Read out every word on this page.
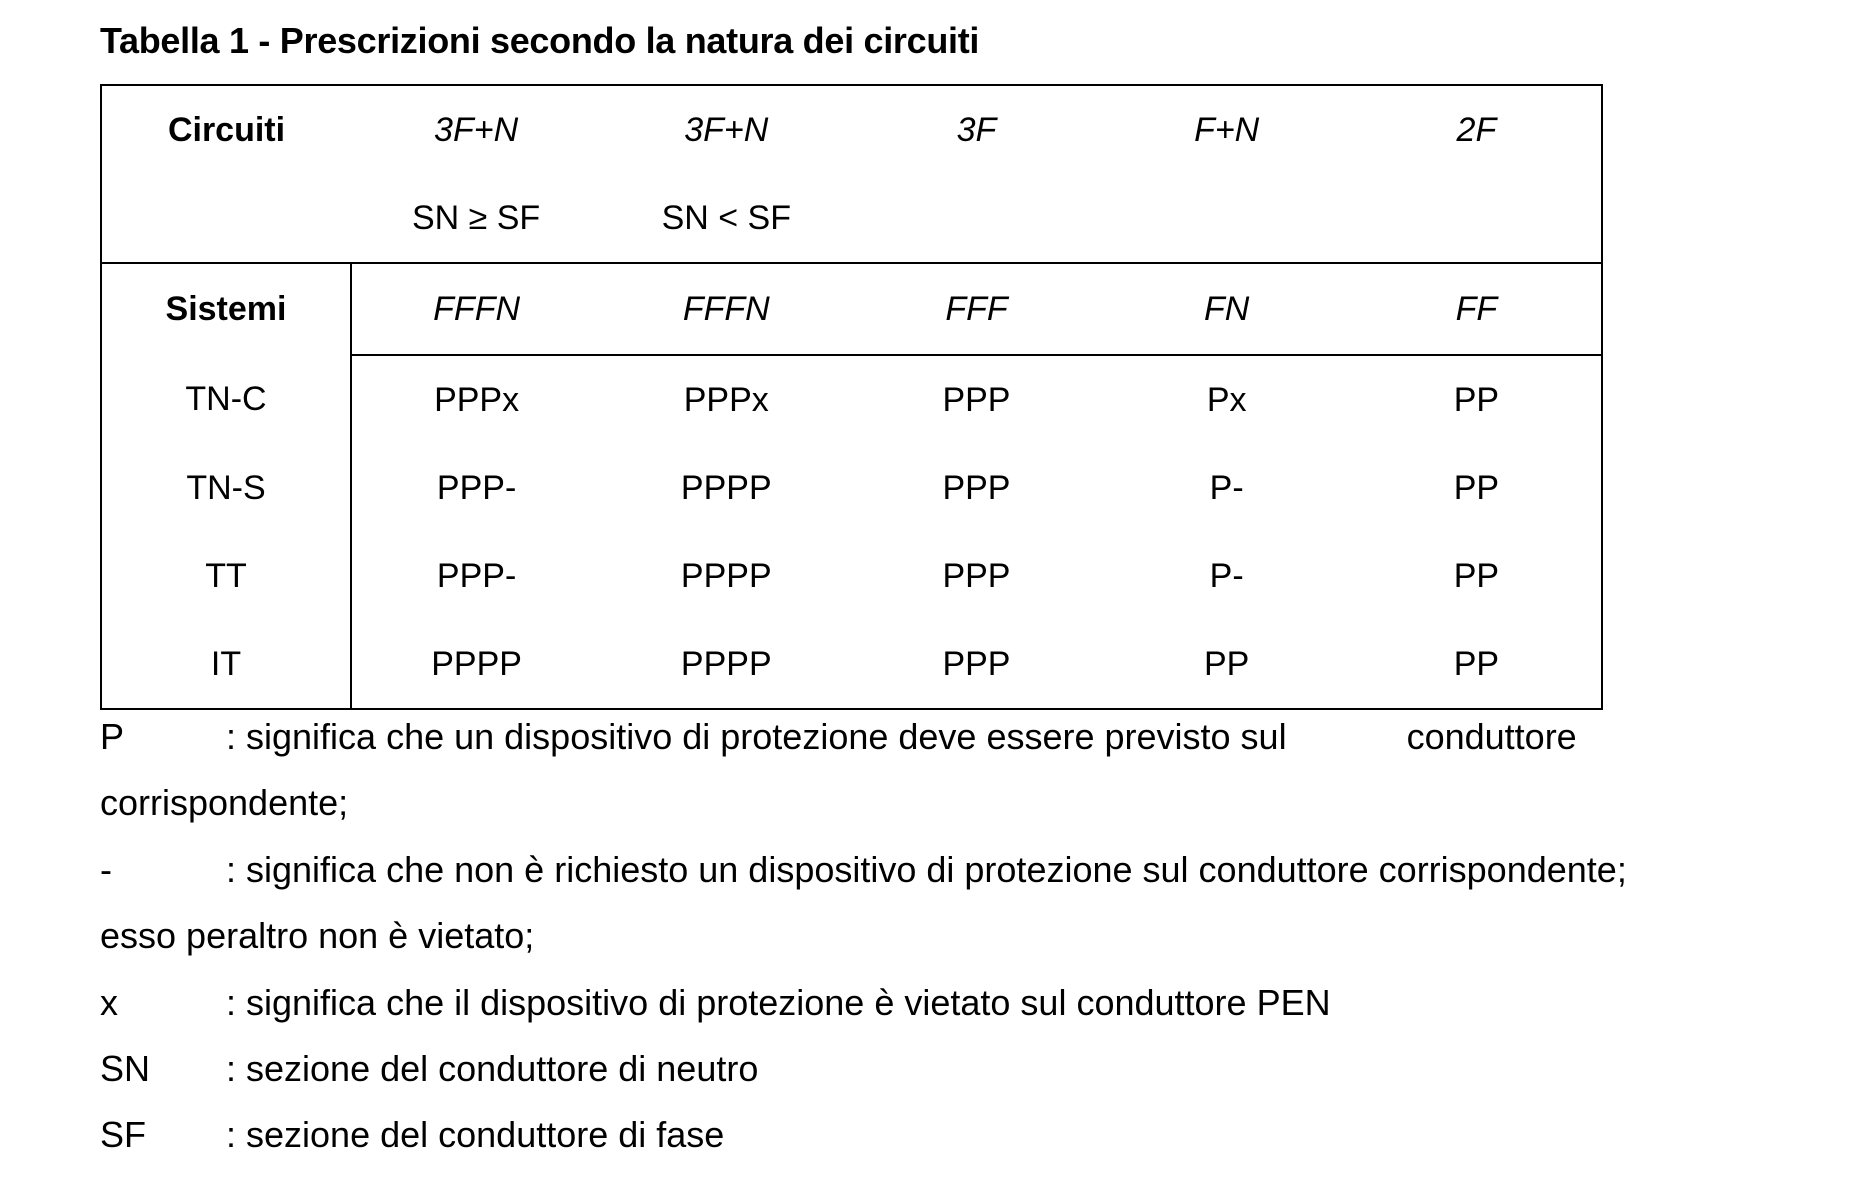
Tabella 1 - Prescrizioni secondo la natura dei circuiti
Circuiti	3F+N	3F+N	3F	F+N	2F
	SN ≥ SF	SN < SF			
Sistemi	FFFN	FFFN	FFF	FN	FF
TN-C	PPPx	PPPx	PPP	Px	PP
TN-S	PPP-	PPPP	PPP	P-	PP
TT	PPP-	PPPP	PPP	P-	PP
IT	PPPP	PPPP	PPP	PP	PP
P	: significa che un dispositivo di protezione deve essere previsto sul	conduttore
corrispondente;
-	: significa che non è richiesto un dispositivo di protezione sul conduttore corrispondente;
esso peraltro non è vietato;
x	: significa che il dispositivo di protezione è vietato sul conduttore PEN
SN : sezione del conduttore di neutro
SF : sezione del conduttore di fase
